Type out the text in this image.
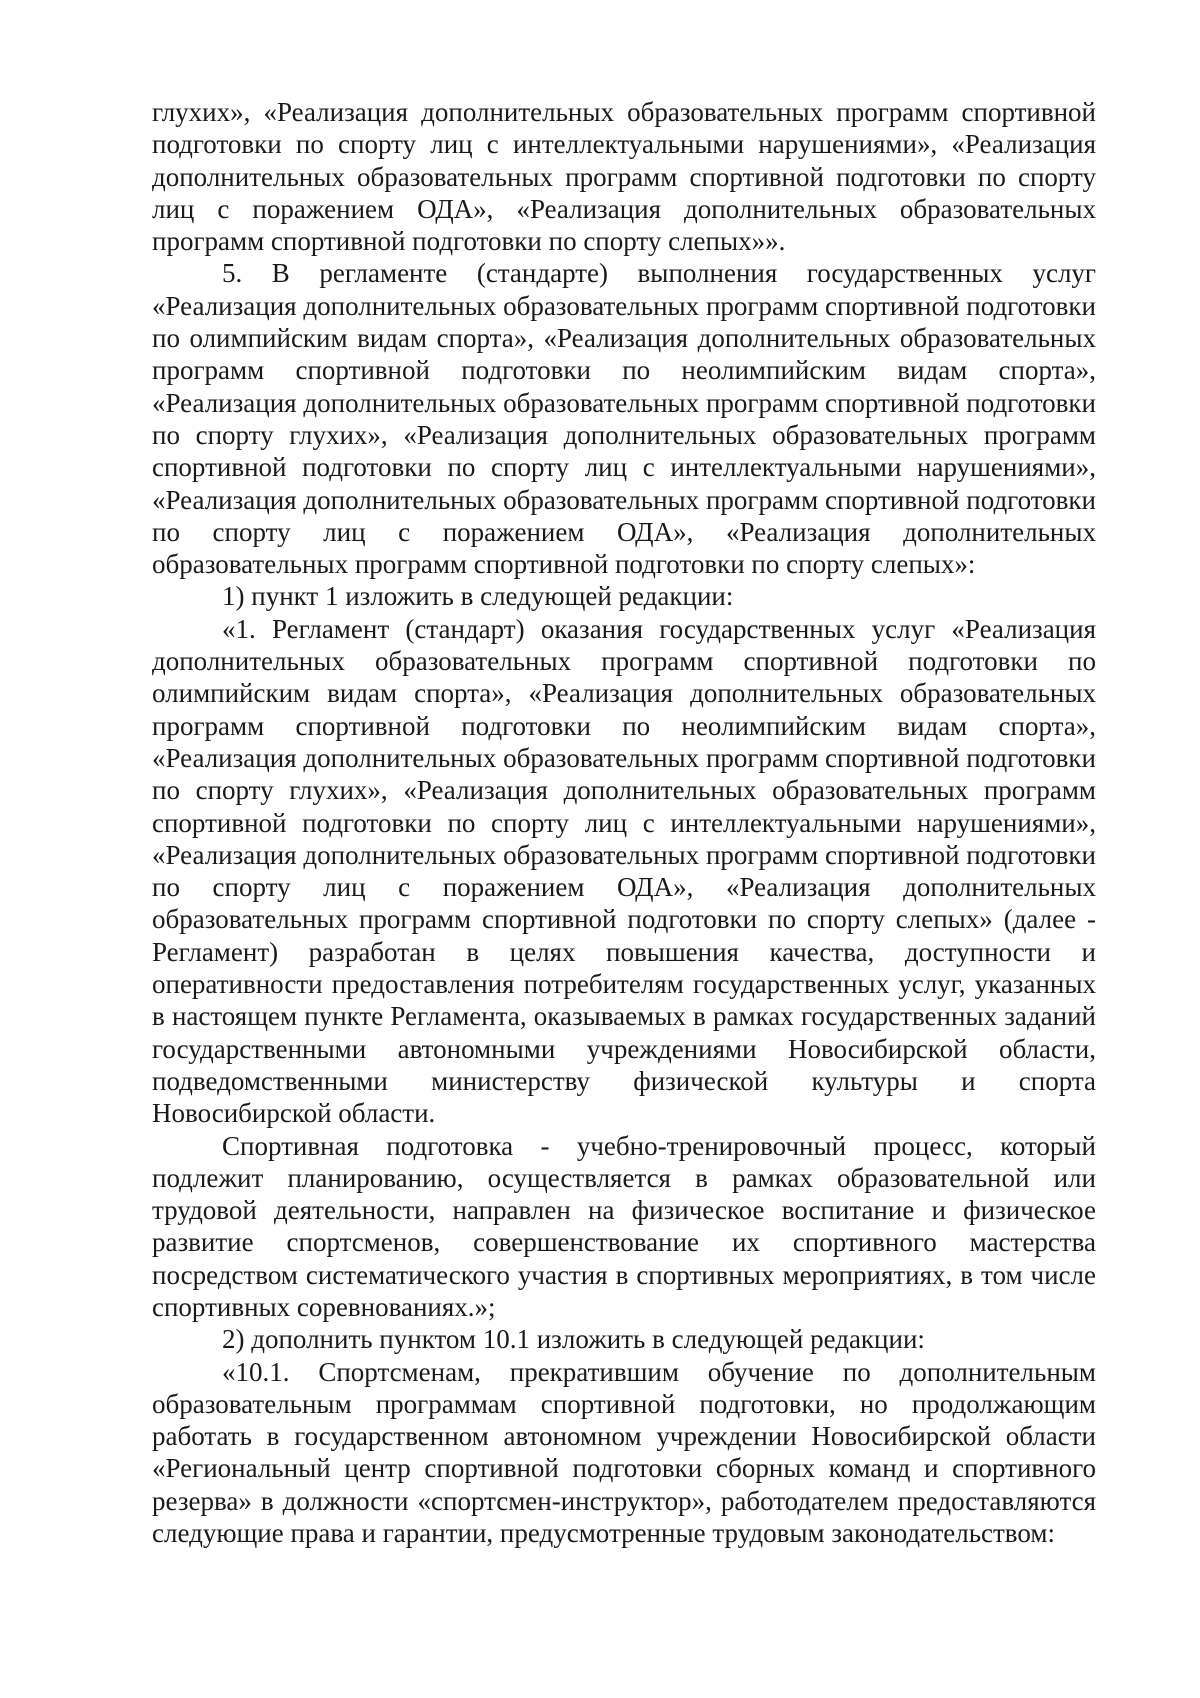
глухих», «Реализация дополнительных образовательных программ спортивной подготовки по спорту лиц с интеллектуальными нарушениями», «Реализация дополнительных образовательных программ спортивной подготовки по спорту лиц с поражением ОДА», «Реализация дополнительных образовательных программ спортивной подготовки по спорту слепых»».

5. В регламенте (стандарте) выполнения государственных услуг «Реализация дополнительных образовательных программ спортивной подготовки по олимпийским видам спорта», «Реализация дополнительных образовательных программ спортивной подготовки по неолимпийским видам спорта», «Реализация дополнительных образовательных программ спортивной подготовки по спорту глухих», «Реализация дополнительных образовательных программ спортивной подготовки по спорту лиц с интеллектуальными нарушениями», «Реализация дополнительных образовательных программ спортивной подготовки по спорту лиц с поражением ОДА», «Реализация дополнительных образовательных программ спортивной подготовки по спорту слепых»:

1) пункт 1 изложить в следующей редакции:

«1. Регламент (стандарт) оказания государственных услуг «Реализация дополнительных образовательных программ спортивной подготовки по олимпийским видам спорта», «Реализация дополнительных образовательных программ спортивной подготовки по неолимпийским видам спорта», «Реализация дополнительных образовательных программ спортивной подготовки по спорту глухих», «Реализация дополнительных образовательных программ спортивной подготовки по спорту лиц с интеллектуальными нарушениями», «Реализация дополнительных образовательных программ спортивной подготовки по спорту лиц с поражением ОДА», «Реализация дополнительных образовательных программ спортивной подготовки по спорту слепых» (далее - Регламент) разработан в целях повышения качества, доступности и оперативности предоставления потребителям государственных услуг, указанных в настоящем пункте Регламента, оказываемых в рамках государственных заданий государственными автономными учреждениями Новосибирской области, подведомственными министерству физической культуры и спорта Новосибирской области.

Спортивная подготовка - учебно-тренировочный процесс, который подлежит планированию, осуществляется в рамках образовательной или трудовой деятельности, направлен на физическое воспитание и физическое развитие спортсменов, совершенствование их спортивного мастерства посредством систематического участия в спортивных мероприятиях, в том числе спортивных соревнованиях.»;

2) дополнить пунктом 10.1 изложить в следующей редакции:

«10.1. Спортсменам, прекратившим обучение по дополнительным образовательным программам спортивной подготовки, но продолжающим работать в государственном автономном учреждении Новосибирской области «Региональный центр спортивной подготовки сборных команд и спортивного резерва» в должности «спортсмен-инструктор», работодателем предоставляются следующие права и гарантии, предусмотренные трудовым законодательством:
